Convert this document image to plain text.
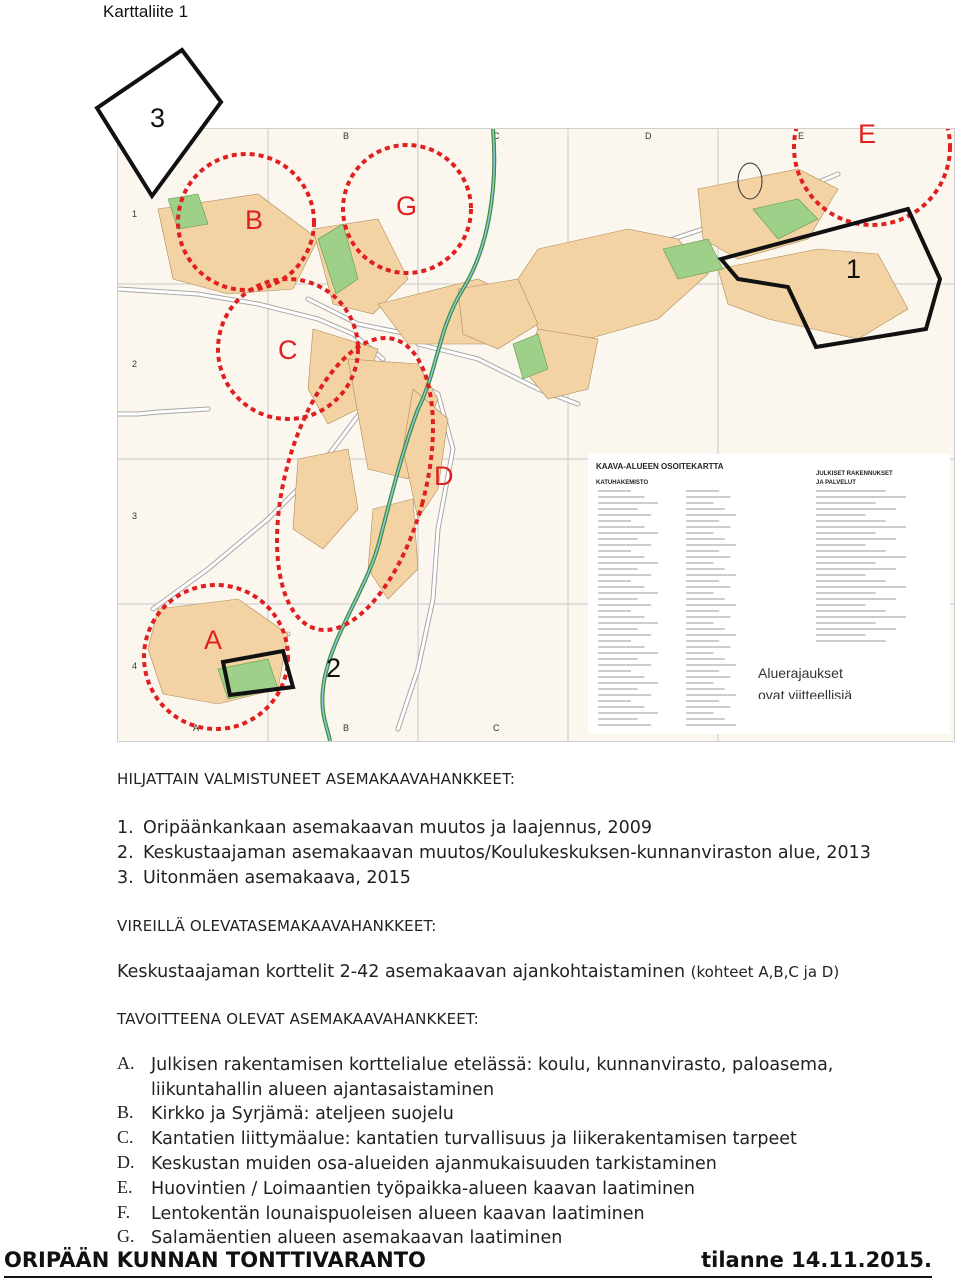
Karttaliite 1
B	C	D	E
A	B	C
1
2
3
4
KAAVA-ALUEEN OSOITEKARTTA
KATUHAKEMISTO
JULKISET RAKENNUKSET
JA PALVELUT
B	G
C
D
E
A
1
2	Aluerajaukset
ovat viitteellisiä
3
HILJATTAIN VALMISTUNEET ASEMAKAAVAHANKKEET:
1. Oripäänkankaan asemakaavan muutos ja laajennus, 2009
2. Keskustaajaman asemakaavan muutos/Koulukeskuksen-kunnanviraston alue, 2013
3. Uitonmäen asemakaava, 2015
VIREILLÄ OLEVATASEMAKAAVAHANKKEET:
Keskustaajaman korttelit 2-42 asemakaavan ajankohtaistaminen (kohteet A,B,C ja D)
TAVOITTEENA OLEVAT ASEMAKAAVAHANKKEET:
A. Julkisen rakentamisen korttelialue etelässä: koulu, kunnanvirasto, paloasema, liikuntahallin alueen ajantasaistaminen
B. Kirkko ja Syrjämä: ateljeen suojelu
C. Kantatien liittymäalue: kantatien turvallisuus ja liikerakentamisen tarpeet
D. Keskustan muiden osa-alueiden ajanmukaisuuden tarkistaminen
E. Huovintien / Loimaantien työpaikka-alueen kaavan laatiminen
F. Lentokentän lounaispuoleisen alueen kaavan laatiminen
G. Salamäentien alueen asemakaavan laatiminen
ORIPÄÄN KUNNAN TONTTIVARANTO	tilanne 14.11.2015.
